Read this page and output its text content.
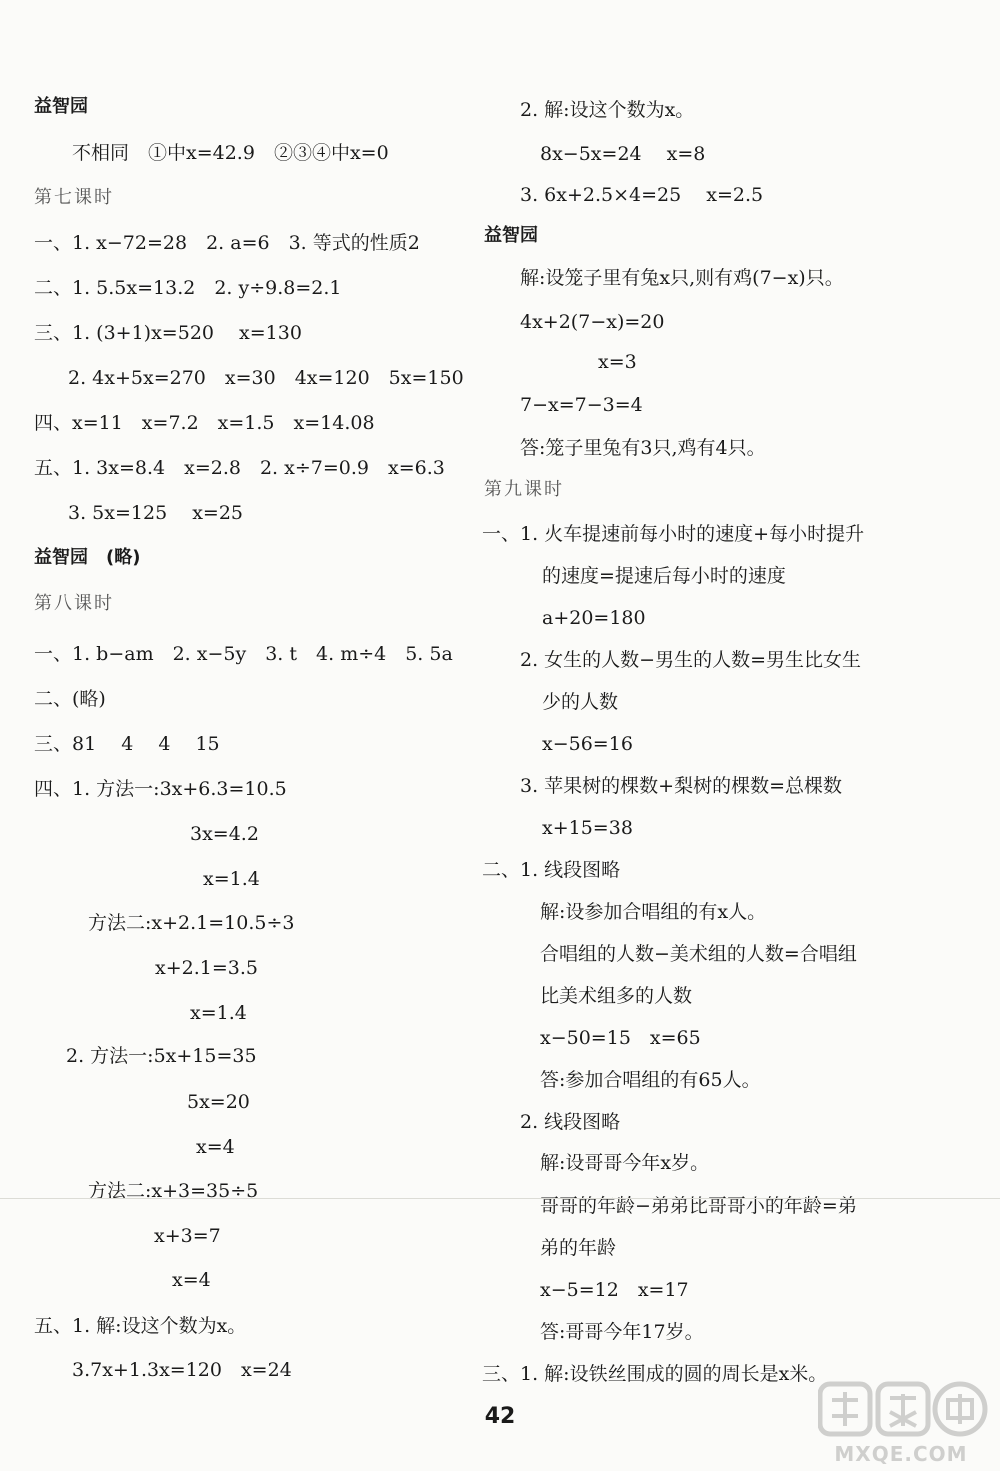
益智园
不相同　①中x=42.9　②③④中x=0
第七课时
一、1. x−72=28　2. a=6　3. 等式的性质2
二、1. 5.5x=13.2　2. y÷9.8=2.1
三、1. (3+1)x=520　 x=130
2. 4x+5x=270　x=30　4x=120　5x=150
四、x=11　x=7.2　x=1.5　x=14.08
五、1. 3x=8.4　x=2.8　2. x÷7=0.9　x=6.3
3. 5x=125　 x=25
益智园　(略)
第八课时
一、1. b−am　2. x−5y　3. t　4. m÷4　5. 5a
二、(略)
三、81　 4　 4　 15
四、1. 方法一:3x+6.3=10.5
3x=4.2
x=1.4
方法二:x+2.1=10.5÷3
x+2.1=3.5
x=1.4
2. 方法一:5x+15=35
5x=20
x=4
方法二:x+3=35÷5
x+3=7
x=4
五、1. 解:设这个数为x。
3.7x+1.3x=120　x=24
2. 解:设这个数为x。
8x−5x=24　 x=8
3. 6x+2.5×4=25　 x=2.5
益智园
解:设笼子里有兔x只,则有鸡(7−x)只。
4x+2(7−x)=20
x=3
7−x=7−3=4
答:笼子里兔有3只,鸡有4只。
第九课时
一、1. 火车提速前每小时的速度+每小时提升
的速度=提速后每小时的速度
a+20=180
2. 女生的人数−男生的人数=男生比女生
少的人数
x−56=16
3. 苹果树的棵数+梨树的棵数=总棵数
x+15=38
二、1. 线段图略
解:设参加合唱组的有x人。
合唱组的人数−美术组的人数=合唱组
比美术组多的人数
x−50=15　x=65
答:参加合唱组的有65人。
2. 线段图略
解:设哥哥今年x岁。
哥哥的年龄−弟弟比哥哥小的年龄=弟
弟的年龄
x−5=12　x=17
答:哥哥今年17岁。
三、1. 解:设铁丝围成的圆的周长是x米。
42
MXQE.COM
